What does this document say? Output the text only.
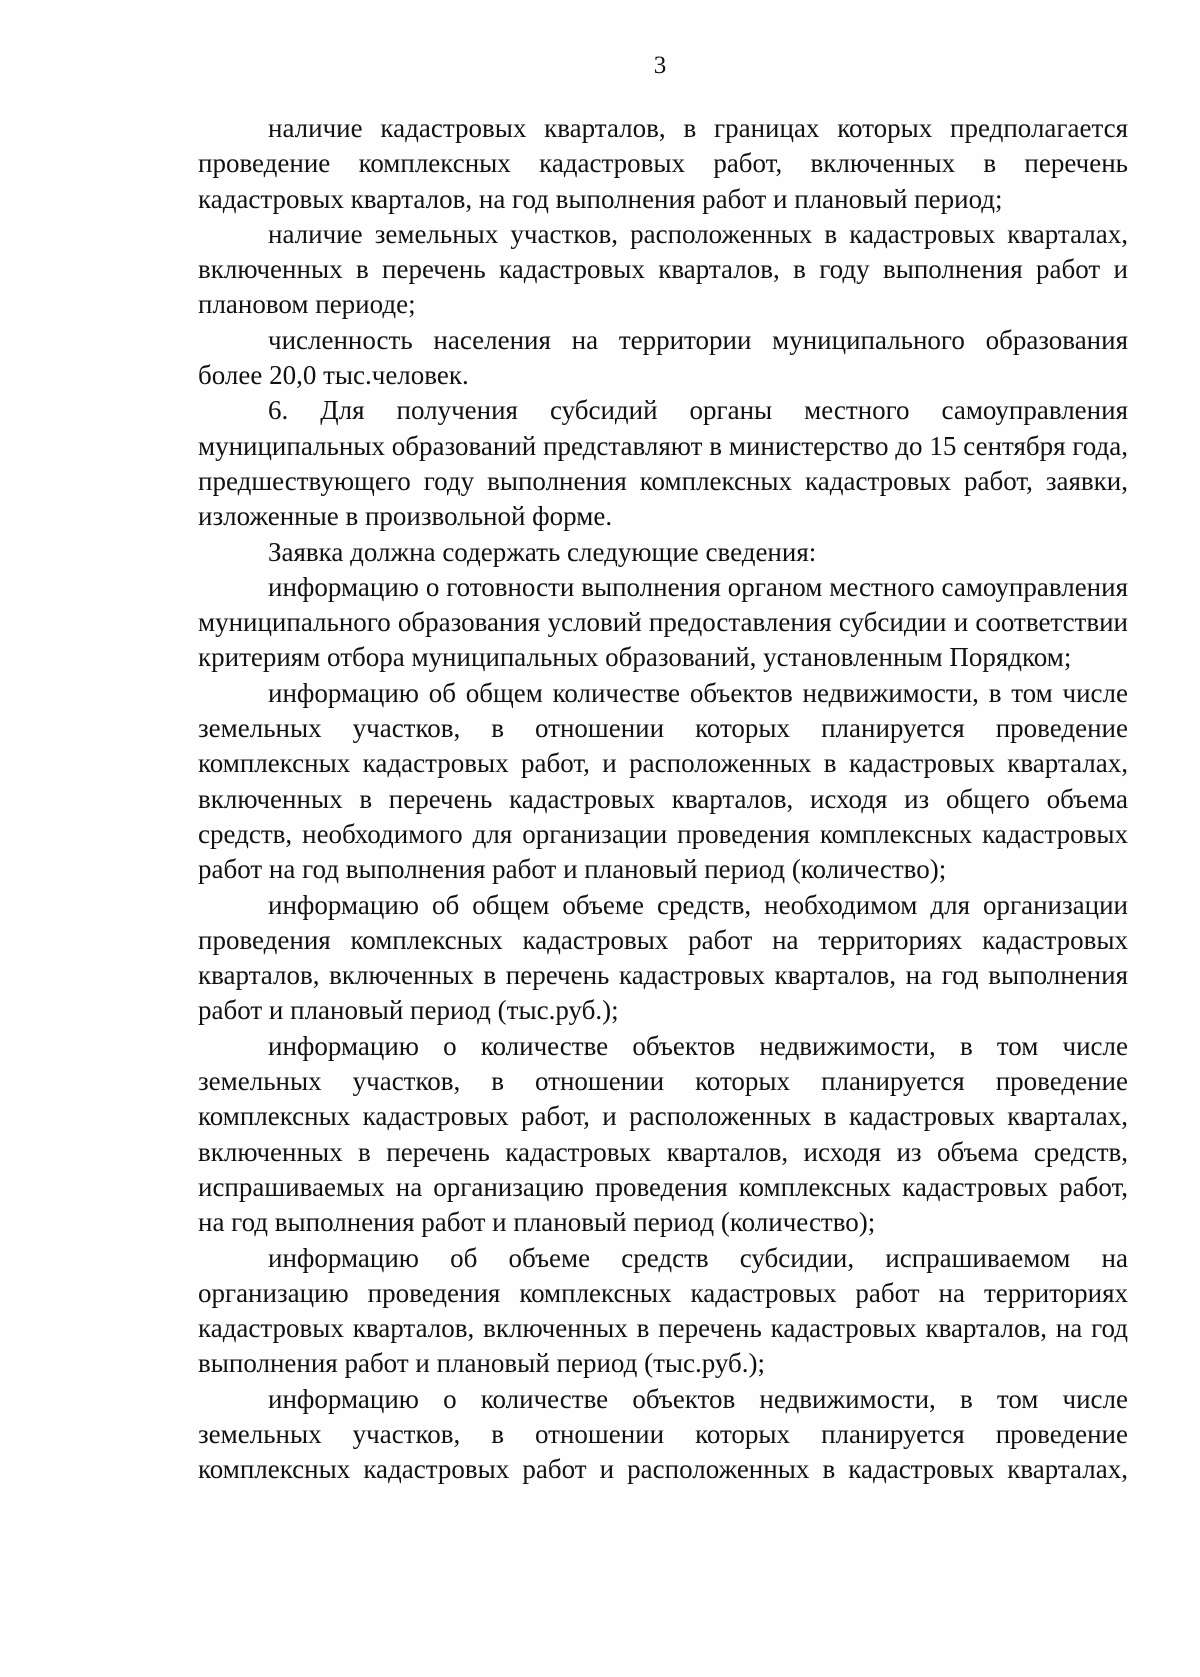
3

наличие кадастровых кварталов, в границах которых предполагается проведение комплексных кадастровых работ, включенных в перечень кадастровых кварталов, на год выполнения работ и плановый период;

наличие земельных участков, расположенных в кадастровых кварталах, включенных в перечень кадастровых кварталов, в году выполнения работ и плановом периоде;

численность населения на территории муниципального образования более 20,0 тыс.человек.

6. Для получения субсидий органы местного самоуправления муниципальных образований представляют в министерство до 15 сентября года, предшествующего году выполнения комплексных кадастровых работ, заявки, изложенные в произвольной форме.

Заявка должна содержать следующие сведения:

информацию о готовности выполнения органом местного самоуправления муниципального образования условий предоставления субсидии и соответствии критериям отбора муниципальных образований, установленным Порядком;

информацию об общем количестве объектов недвижимости, в том числе земельных участков, в отношении которых планируется проведение комплексных кадастровых работ, и расположенных в кадастровых кварталах, включенных в перечень кадастровых кварталов, исходя из общего объема средств, необходимого для организации проведения комплексных кадастровых работ на год выполнения работ и плановый период (количество);

информацию об общем объеме средств, необходимом для организации проведения комплексных кадастровых работ на территориях кадастровых кварталов, включенных в перечень кадастровых кварталов, на год выполнения работ и плановый период (тыс.руб.);

информацию о количестве объектов недвижимости, в том числе земельных участков, в отношении которых планируется проведение комплексных кадастровых работ, и расположенных в кадастровых кварталах, включенных в перечень кадастровых кварталов, исходя из объема средств, испрашиваемых на организацию проведения комплексных кадастровых работ, на год выполнения работ и плановый период (количество);

информацию об объеме средств субсидии, испрашиваемом на организацию проведения комплексных кадастровых работ на территориях кадастровых кварталов, включенных в перечень кадастровых кварталов, на год выполнения работ и плановый период (тыс.руб.);

информацию о количестве объектов недвижимости, в том числе земельных участков, в отношении которых планируется проведение комплексных кадастровых работ и расположенных в кадастровых кварталах,
